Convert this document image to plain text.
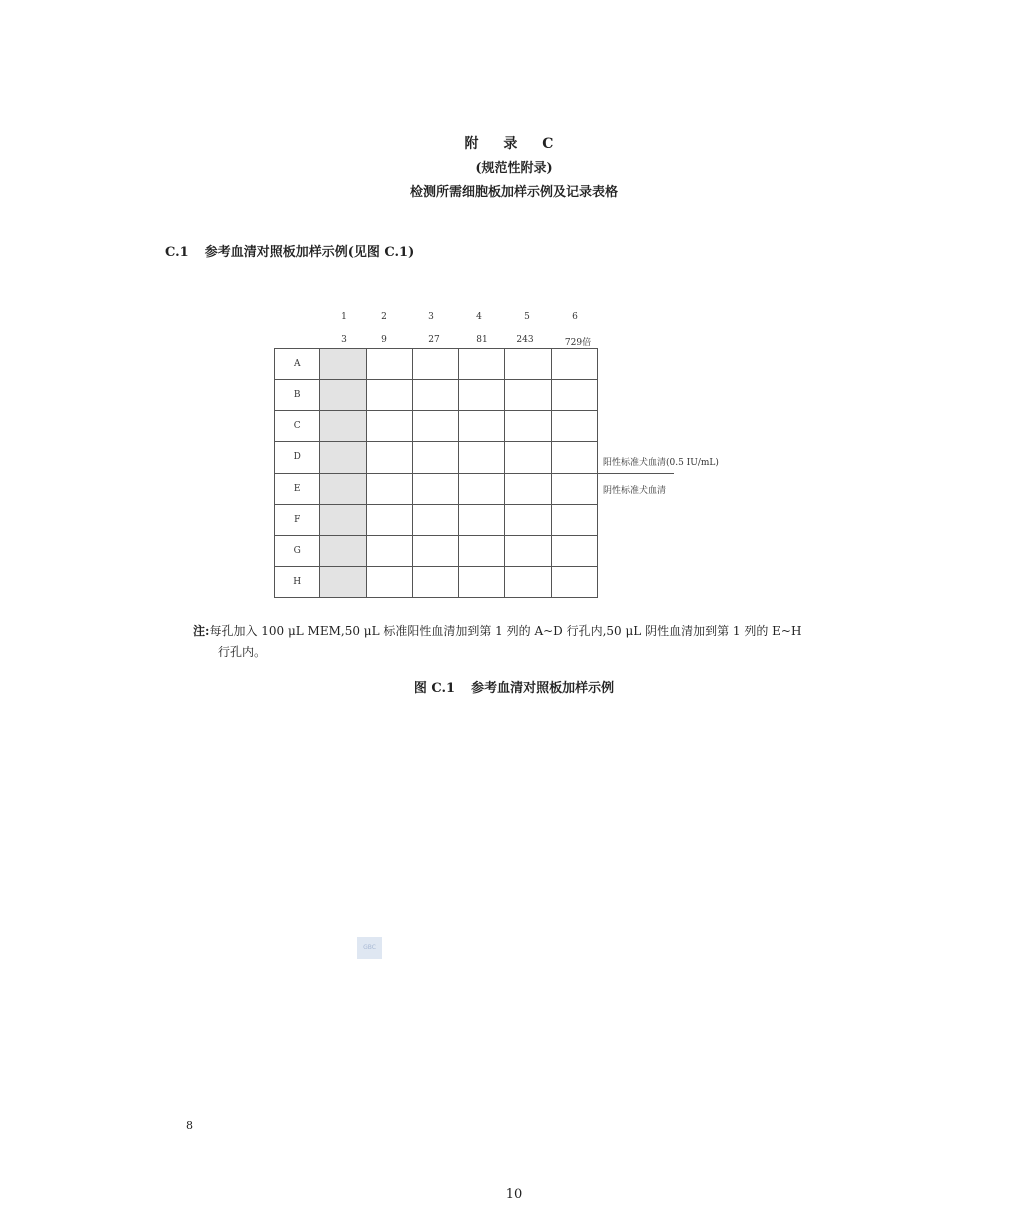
附 录 C
(规范性附录)
检测所需细胞板加样示例及记录表格
C.1 参考血清对照板加样示例(见图 C.1)
1	2	3	4	5	6
3	9	27	81	243	729倍
A						
B						
C						
D						
E						
F						
G						
H						
阳性标准犬血清(0.5 IU/mL)
阴性标准犬血清
注:每孔加入 100 μL MEM,50 μL 标准阳性血清加到第 1 列的 A~D 行孔内,50 μL 阴性血清加到第 1 列的 E~H
行孔内。
图 C.1 参考血清对照板加样示例
GBC
8
10
